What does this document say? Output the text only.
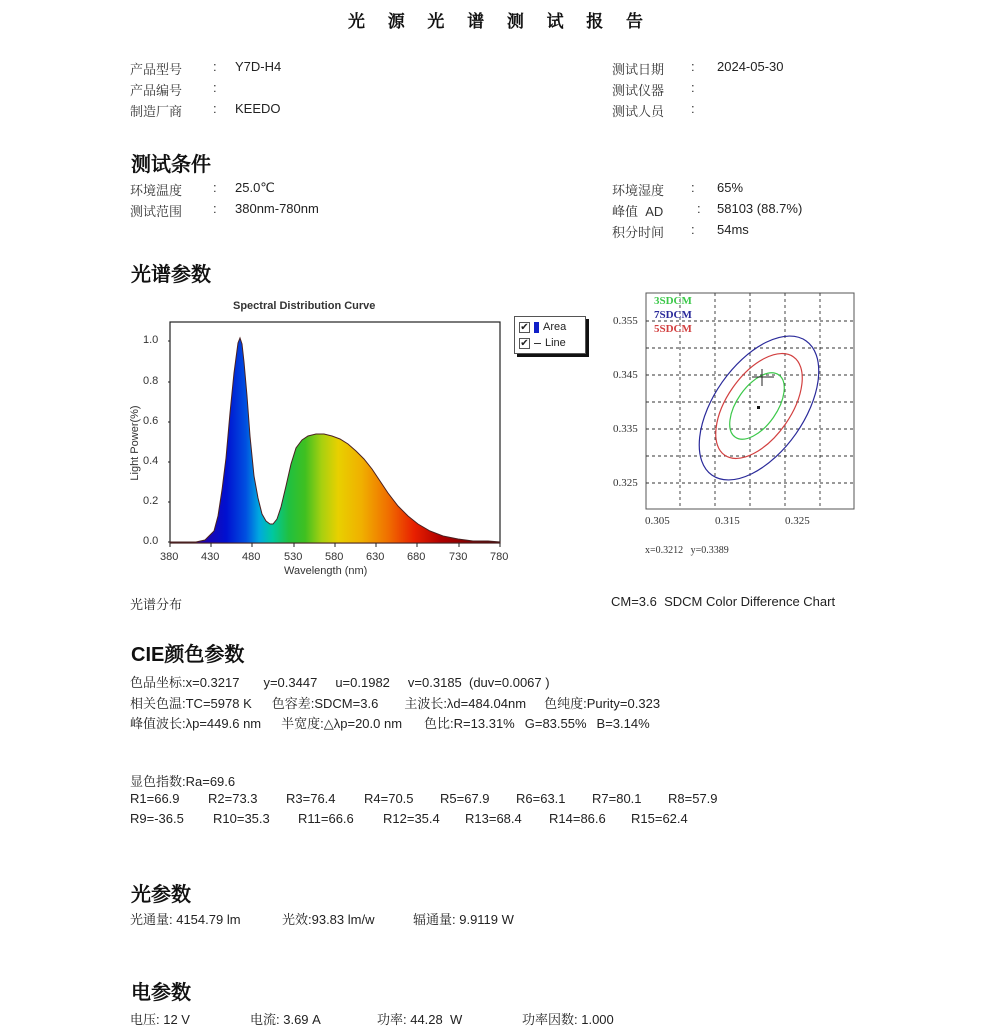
光 源 光 谱 测 试 报 告
产品型号 : Y7D-H4
产品编号 :
制造厂商 : KEEDO
测试日期 : 2024-05-30
测试仪器 :
测试人员 :
测试条件
环境温度 : 25.0℃
测试范围 : 380nm-780nm
环境湿度 : 65%
峰值  AD	: 58103 (88.7%)
积分时间 : 54ms
光谱参数
Spectral Distribution Curve
0.0
0.2
0.4
0.6
0.8
1.0
380 430 480 530 580 630 680 730 780
Wavelength (nm)
Light Power(%)
✔ Area
✔ Line
3SDCM
7SDCM
5SDCM
0.355
0.345
0.335
0.325
0.305	0.315	0.325
x=0.3212   y=0.3389
光谱分布	CM=3.6  SDCM Color Difference Chart
CIE颜色参数
色品坐标:x=0.3217 y=0.3447 u=0.1982 v=0.3185  (duv=0.0067 )
相关色温:TC=5978 K 色容差:SDCM=3.6 主波长:λd=484.04nm 色纯度:Purity=0.323
峰值波长:λp=449.6 nm 半宽度:△λp=20.0 nm 色比:R=13.31% G=83.55% B=3.14%
显色指数:Ra=69.6
R1=66.9 R2=73.3 R3=76.4 R4=70.5 R5=67.9 R6=63.1 R7=80.1 R8=57.9
R9=-36.5 R10=35.3 R11=66.6 R12=35.4 R13=68.4 R14=86.6 R15=62.4
光参数
光通量: 4154.79 lm	光效:93.83 lm/w	辐通量: 9.9119 W
电参数
电压: 12 V	电流: 3.69 A	功率: 44.28  W	功率因数: 1.000
